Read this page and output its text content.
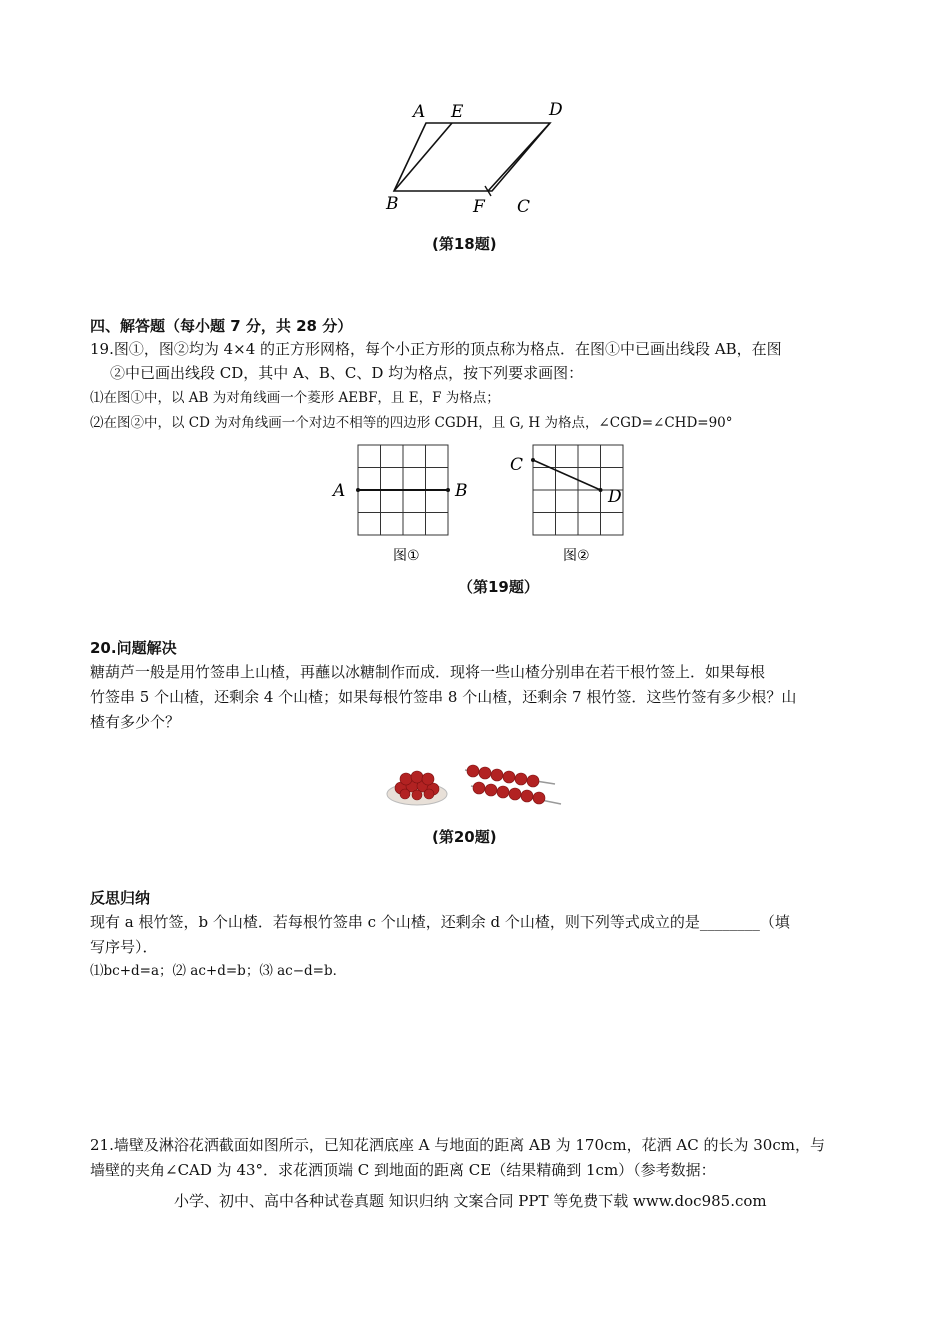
A E	D
B	F C
(第18题)
四、解答题（每小题 7 分，共 28 分）
19.图①，图②均为 4×4 的正方形网格，每个小正方形的顶点称为格点．在图①中已画出线段 AB，在图
②中已画出线段 CD，其中 A、B、C、D 均为格点，按下列要求画图：
⑴在图①中，以 AB 为对角线画一个菱形 AEBF，且 E，F 为格点；
⑵在图②中，以 CD 为对角线画一个对边不相等的四边形 CGDH，且 G, H 为格点，∠CGD=∠CHD=90°
A	B
图①
C
D
图②
（第19题）
20.问题解决
糖葫芦一般是用竹签串上山楂，再蘸以冰糖制作而成．现将一些山楂分别串在若干根竹签上．如果每根
竹签串 5 个山楂，还剩余 4 个山楂；如果每根竹签串 8 个山楂，还剩余 7 根竹签．这些竹签有多少根？山
楂有多少个？
(第20题)
反思归纳
现有 a 根竹签，b 个山楂．若每根竹签串 c 个山楂，还剩余 d 个山楂，则下列等式成立的是________（填
写序号）．
⑴bc+d=a；⑵ ac+d=b；⑶ ac−d=b．
21.墙壁及淋浴花洒截面如图所示，已知花洒底座 A 与地面的距离 AB 为 170cm，花洒 AC 的长为 30cm，与
墙壁的夹角∠CAD 为 43°．求花洒顶端 C 到地面的距离 CE（结果精确到 1cm）（参考数据：
小学、初中、高中各种试卷真题 知识归纳 文案合同 PPT 等免费下载 www.doc985.com
